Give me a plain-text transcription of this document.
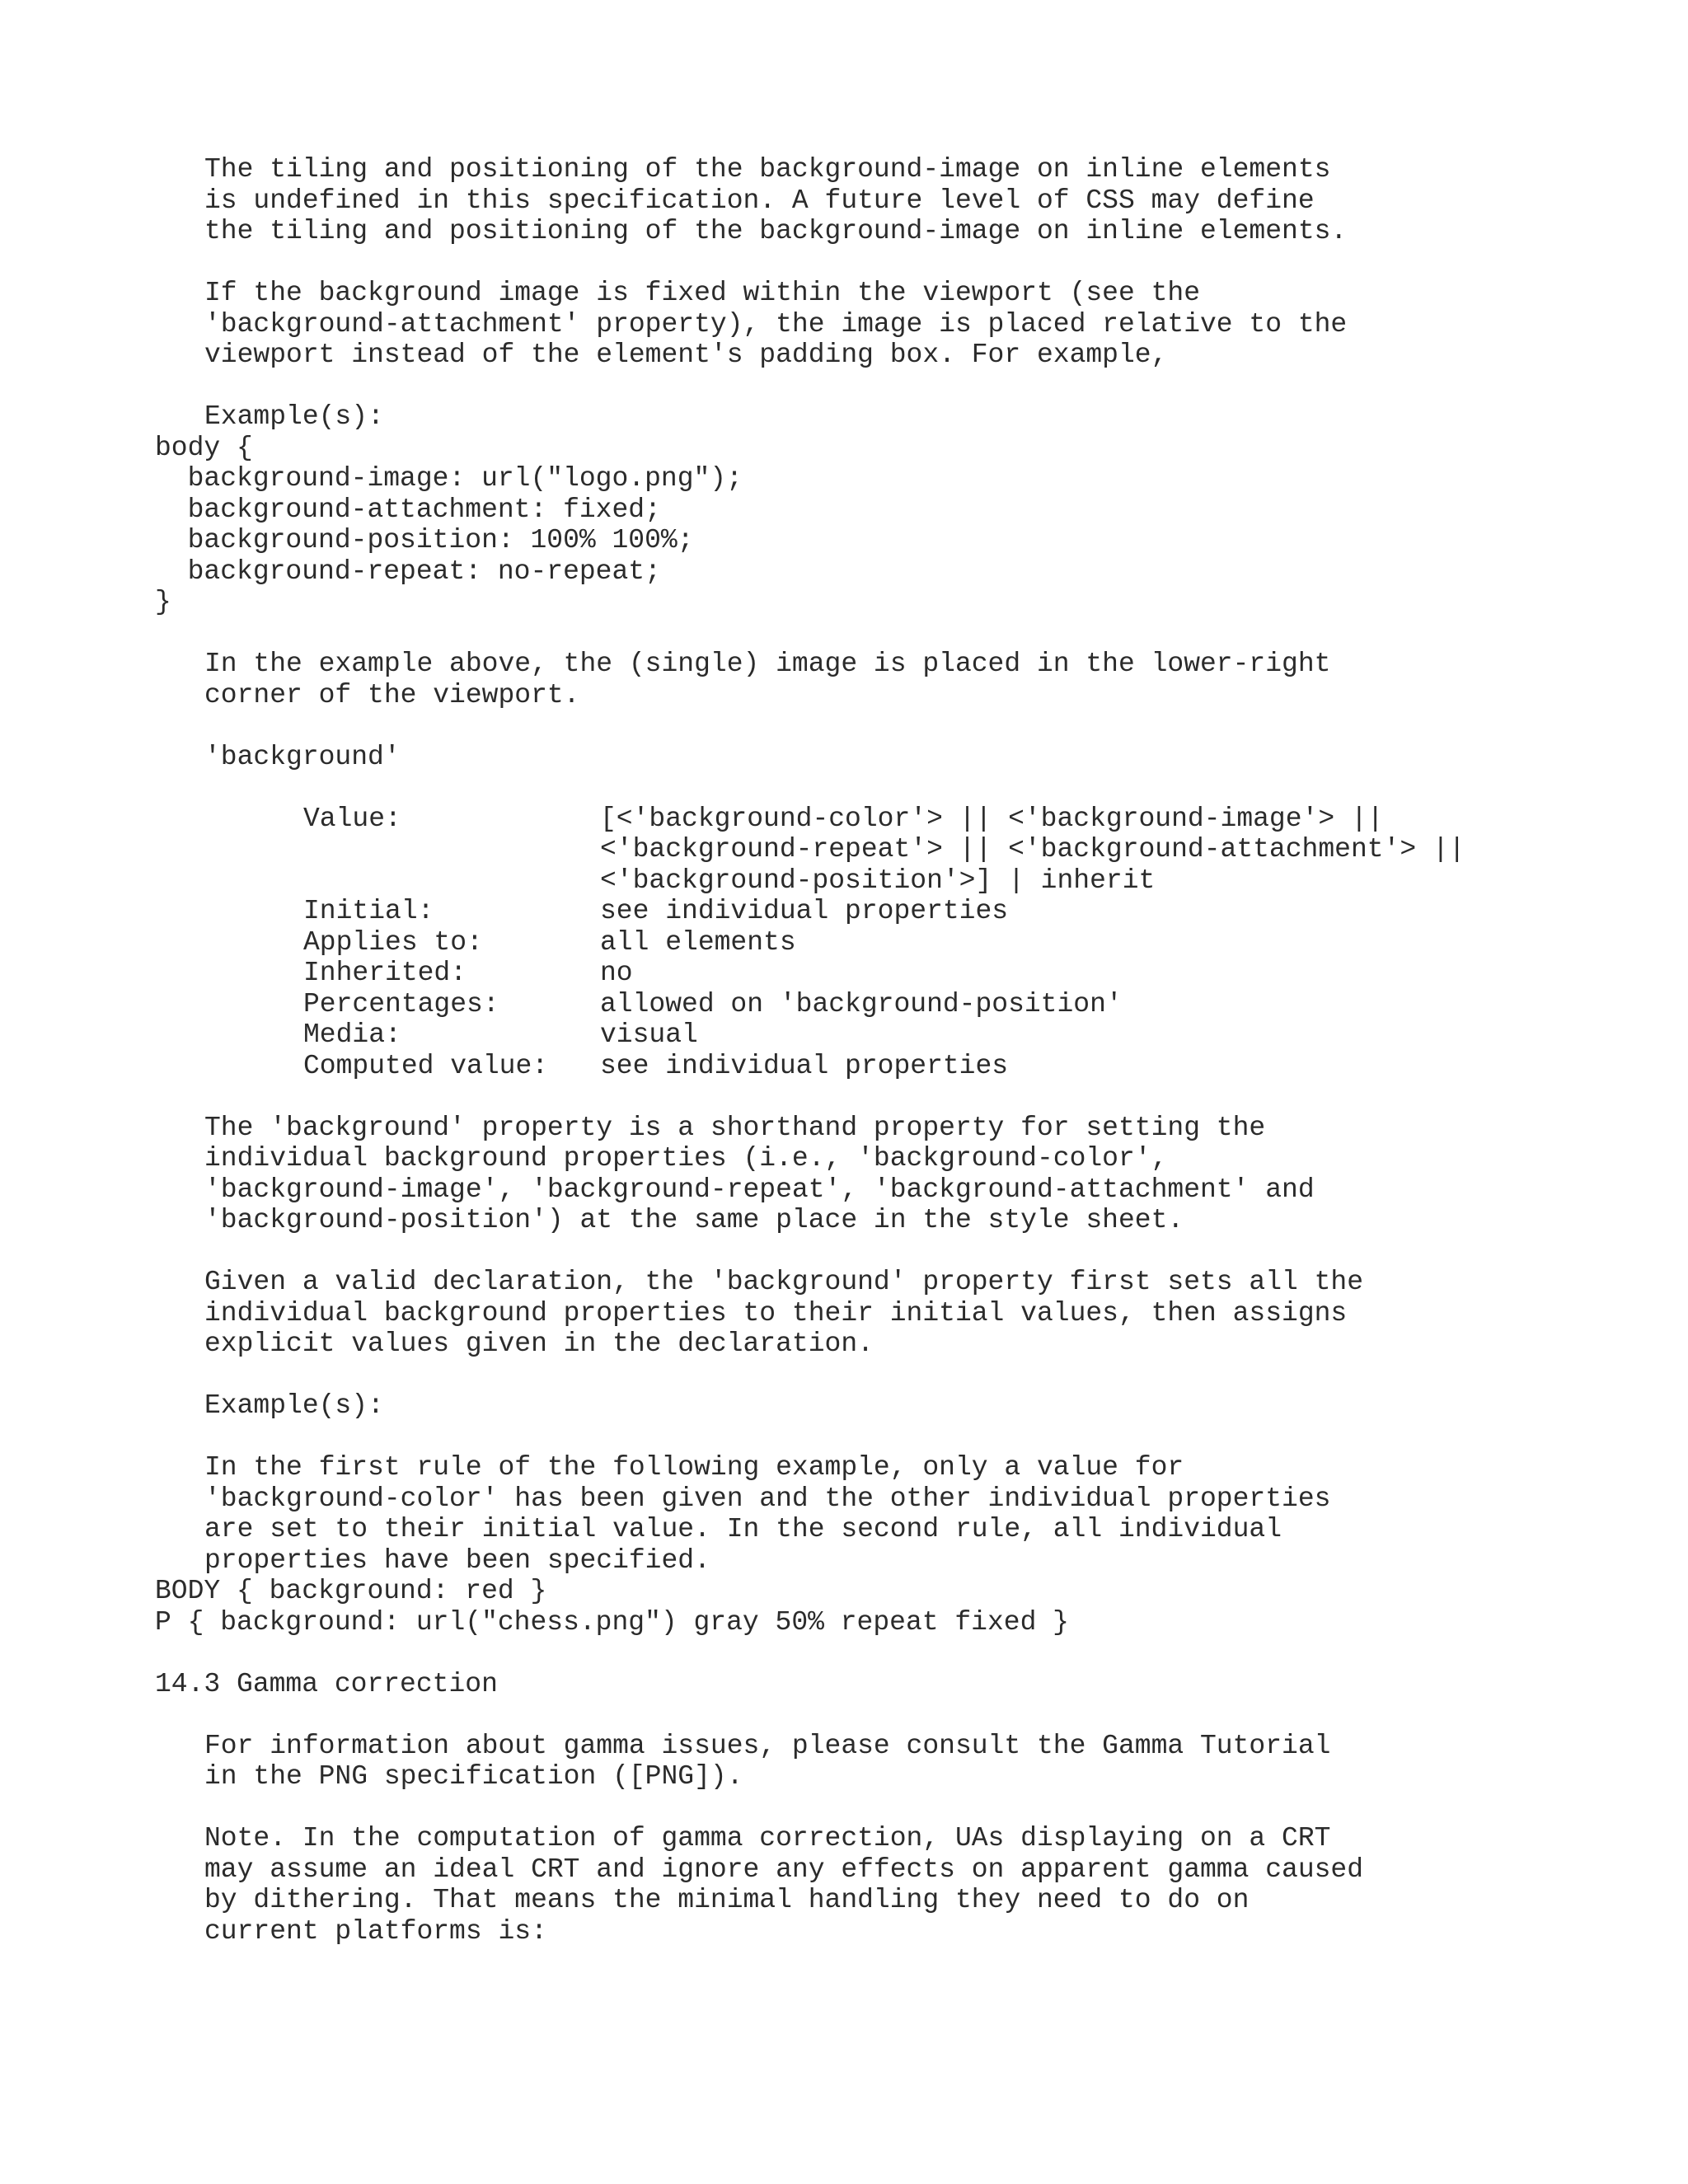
The tiling and positioning of the background-image on inline elements

is undefined in this specification. A future level of CSS may define

the tiling and positioning of the background-image on inline elements.

If the background image is fixed within the viewport (see the

'background-attachment' property), the image is placed relative to the

viewport instead of the element's padding box. For example,

Example(s):

body {

background-image: url("logo.png");

background-attachment: fixed;

background-position: 100% 100%;

background-repeat: no-repeat;

}

In the example above, the (single) image is placed in the lower-right

corner of the viewport.

'background'

Value:	[<'background-color'> || <'background-image'> ||

<'background-repeat'> || <'background-attachment'> ||

<'background-position'>] | inherit

Initial:	see individual properties

Applies to:	all elements

Inherited:	no

Percentages:	allowed on 'background-position'

Media:	visual

Computed value: see individual properties

The 'background' property is a shorthand property for setting the

individual background properties (i.e., 'background-color',

'background-image', 'background-repeat', 'background-attachment' and

'background-position') at the same place in the style sheet.

Given a valid declaration, the 'background' property first sets all the

individual background properties to their initial values, then assigns

explicit values given in the declaration.

Example(s):

In the first rule of the following example, only a value for

'background-color' has been given and the other individual properties

are set to their initial value. In the second rule, all individual

properties have been specified.

BODY { background: red }

P { background: url("chess.png") gray 50% repeat fixed }

14.3 Gamma correction

For information about gamma issues, please consult the Gamma Tutorial

in the PNG specification ([PNG]).

Note. In the computation of gamma correction, UAs displaying on a CRT

may assume an ideal CRT and ignore any effects on apparent gamma caused

by dithering. That means the minimal handling they need to do on

current platforms is:
